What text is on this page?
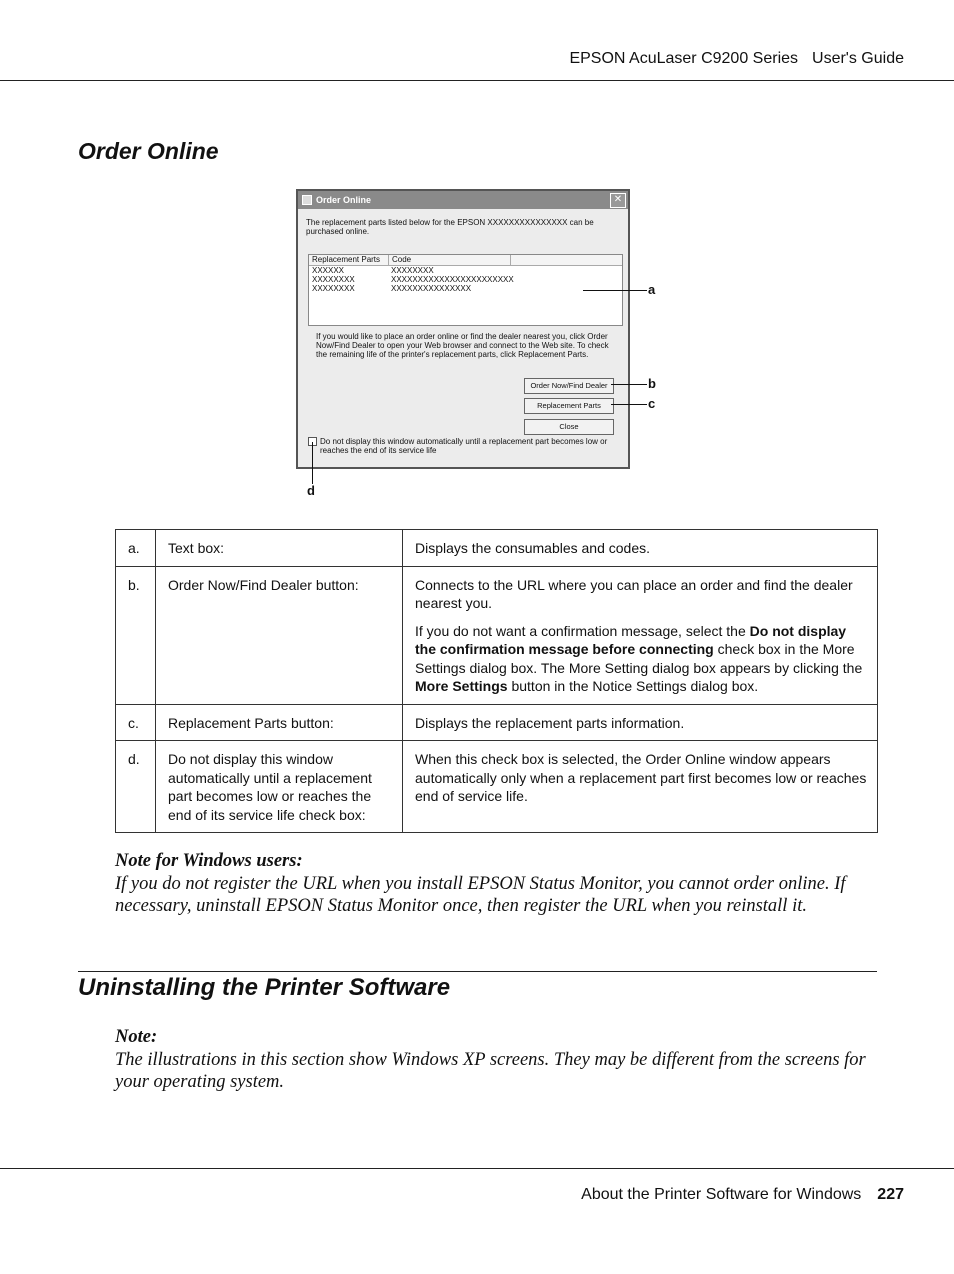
EPSON AcuLaser C9200 Series User's Guide
Order Online
Order Online	✕
The replacement parts listed below for the EPSON XXXXXXXXXXXXXXX can be purchased online.
Replacement Parts	Code
XXXXXX	XXXXXXXX
XXXXXXXX	XXXXXXXXXXXXXXXXXXXXXXX
XXXXXXXX	XXXXXXXXXXXXXXX
If you would like to place an order online or find the dealer nearest you, click Order Now/Find Dealer to open your Web browser and connect to the Web site. To check the remaining life of the printer's replacement parts, click Replacement Parts.
Order Now/Find Dealer
Replacement Parts
Close
Do not display this window automatically until a replacement part becomes low or reaches the end of its service life
a
b
c
d
a.	Text box:	Displays the consumables and codes.

b.	Order Now/Find Dealer button:	Connects to the URL where you can place an order and find the dealer nearest you.

If you do not want a confirmation message, select the Do not display the confirmation message before connecting check box in the More Settings dialog box. The More Setting dialog box appears by clicking the More Settings button in the Notice Settings dialog box.

c.	Replacement Parts button:	Displays the replacement parts information.

d.	Do not display this window automatically until a replacement part becomes low or reaches the end of its service life check box:	When this check box is selected, the Order Online window appears automatically only when a replacement part first becomes low or reaches end of service life.

Note for Windows users:
If you do not register the URL when you install EPSON Status Monitor, you cannot order online. If necessary, uninstall EPSON Status Monitor once, then register the URL when you reinstall it.
Uninstalling the Printer Software
Note:
The illustrations in this section show Windows XP screens. They may be different from the screens for your operating system.
About the Printer Software for Windows 227
